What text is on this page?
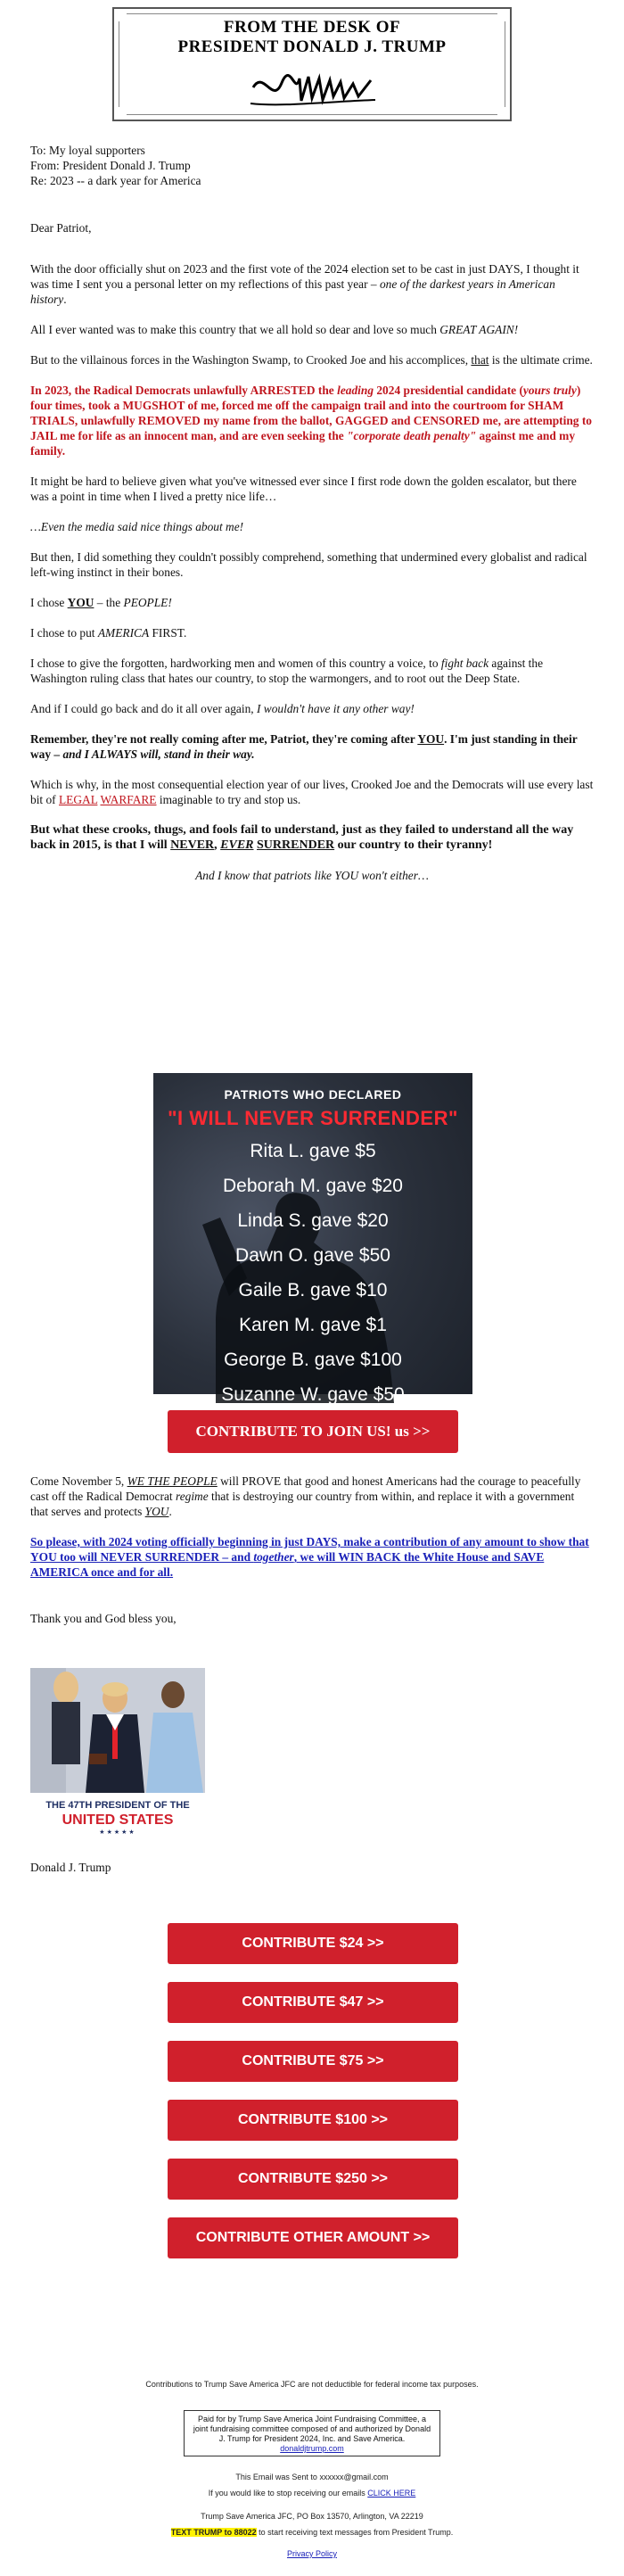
FROM THE DESK OF
PRESIDENT DONALD J. TRUMP
To: My loyal supporters
From: President Donald J. Trump
Re: 2023 -- a dark year for America

Dear Patriot,

With the door officially shut on 2023 and the first vote of the 2024 election set to be cast in just DAYS, I thought it was time I sent you a personal letter on my reflections of this past year – one of the darkest years in American history.

All I ever wanted was to make this country that we all hold so dear and love so much GREAT AGAIN!

But to the villainous forces in the Washington Swamp, to Crooked Joe and his accomplices, that is the ultimate crime.

In 2023, the Radical Democrats unlawfully ARRESTED the leading 2024 presidential candidate (yours truly) four times, took a MUGSHOT of me, forced me off the campaign trail and into the courtroom for SHAM TRIALS, unlawfully REMOVED my name from the ballot, GAGGED and CENSORED me, are attempting to JAIL me for life as an innocent man, and are even seeking the "corporate death penalty" against me and my family.

It might be hard to believe given what you've witnessed ever since I first rode down the golden escalator, but there was a point in time when I lived a pretty nice life…

…Even the media said nice things about me!

But then, I did something they couldn't possibly comprehend, something that undermined every globalist and radical left-wing instinct in their bones.

I chose YOU – the PEOPLE!

I chose to put AMERICA FIRST.

I chose to give the forgotten, hardworking men and women of this country a voice, to fight back against the Washington ruling class that hates our country, to stop the warmongers, and to root out the Deep State.

And if I could go back and do it all over again, I wouldn't have it any other way!

Remember, they're not really coming after me, Patriot, they're coming after YOU. I'm just standing in their way – and I ALWAYS will, stand in their way.

Which is why, in the most consequential election year of our lives, Crooked Joe and the Democrats will use every last bit of LEGAL WARFARE imaginable to try and stop us.

But what these crooks, thugs, and fools fail to understand, just as they failed to understand all the way back in 2015, is that I will NEVER, EVER SURRENDER our country to their tyranny!

And I know that patriots like YOU won't either…

PATRIOTS WHO DECLARED
"I WILL NEVER SURRENDER"
Rita L. gave $5
Deborah M. gave $20
Linda S. gave $20
Dawn O. gave $50
Gaile B. gave $10
Karen M. gave $1
George B. gave $100
Suzanne W. gave $50
CONTRIBUTE TO JOIN US! us >>

Come November 5, WE THE PEOPLE will PROVE that good and honest Americans had the courage to peacefully cast off the Radical Democrat regime that is destroying our country from within, and replace it with a government that serves and protects YOU.

So please, with 2024 voting officially beginning in just DAYS, make a contribution of any amount to show that YOU too will NEVER SURRENDER – and together, we will WIN BACK the White House and SAVE AMERICA once and for all.

Thank you and God bless you,

THE 47TH PRESIDENT OF THE
UNITED STATES
★★★★★
Donald J. Trump
CONTRIBUTE $24 >>
CONTRIBUTE $47 >>
CONTRIBUTE $75 >>
CONTRIBUTE $100 >>
CONTRIBUTE $250 >>
CONTRIBUTE OTHER AMOUNT >>
Contributions to Trump Save America JFC are not deductible for federal income tax purposes.
Paid for by Trump Save America Joint Fundraising Committee, a joint fundraising committee composed of and authorized by Donald J. Trump for President 2024, Inc. and Save America.
donaldjtrump.com
This Email was Sent to xxxxxx@gmail.com
If you would like to stop receiving our emails CLICK HERE
Trump Save America JFC, PO Box 13570, Arlington, VA 22219
TEXT TRUMP to 88022 to start receiving text messages from President Trump.
Privacy Policy
